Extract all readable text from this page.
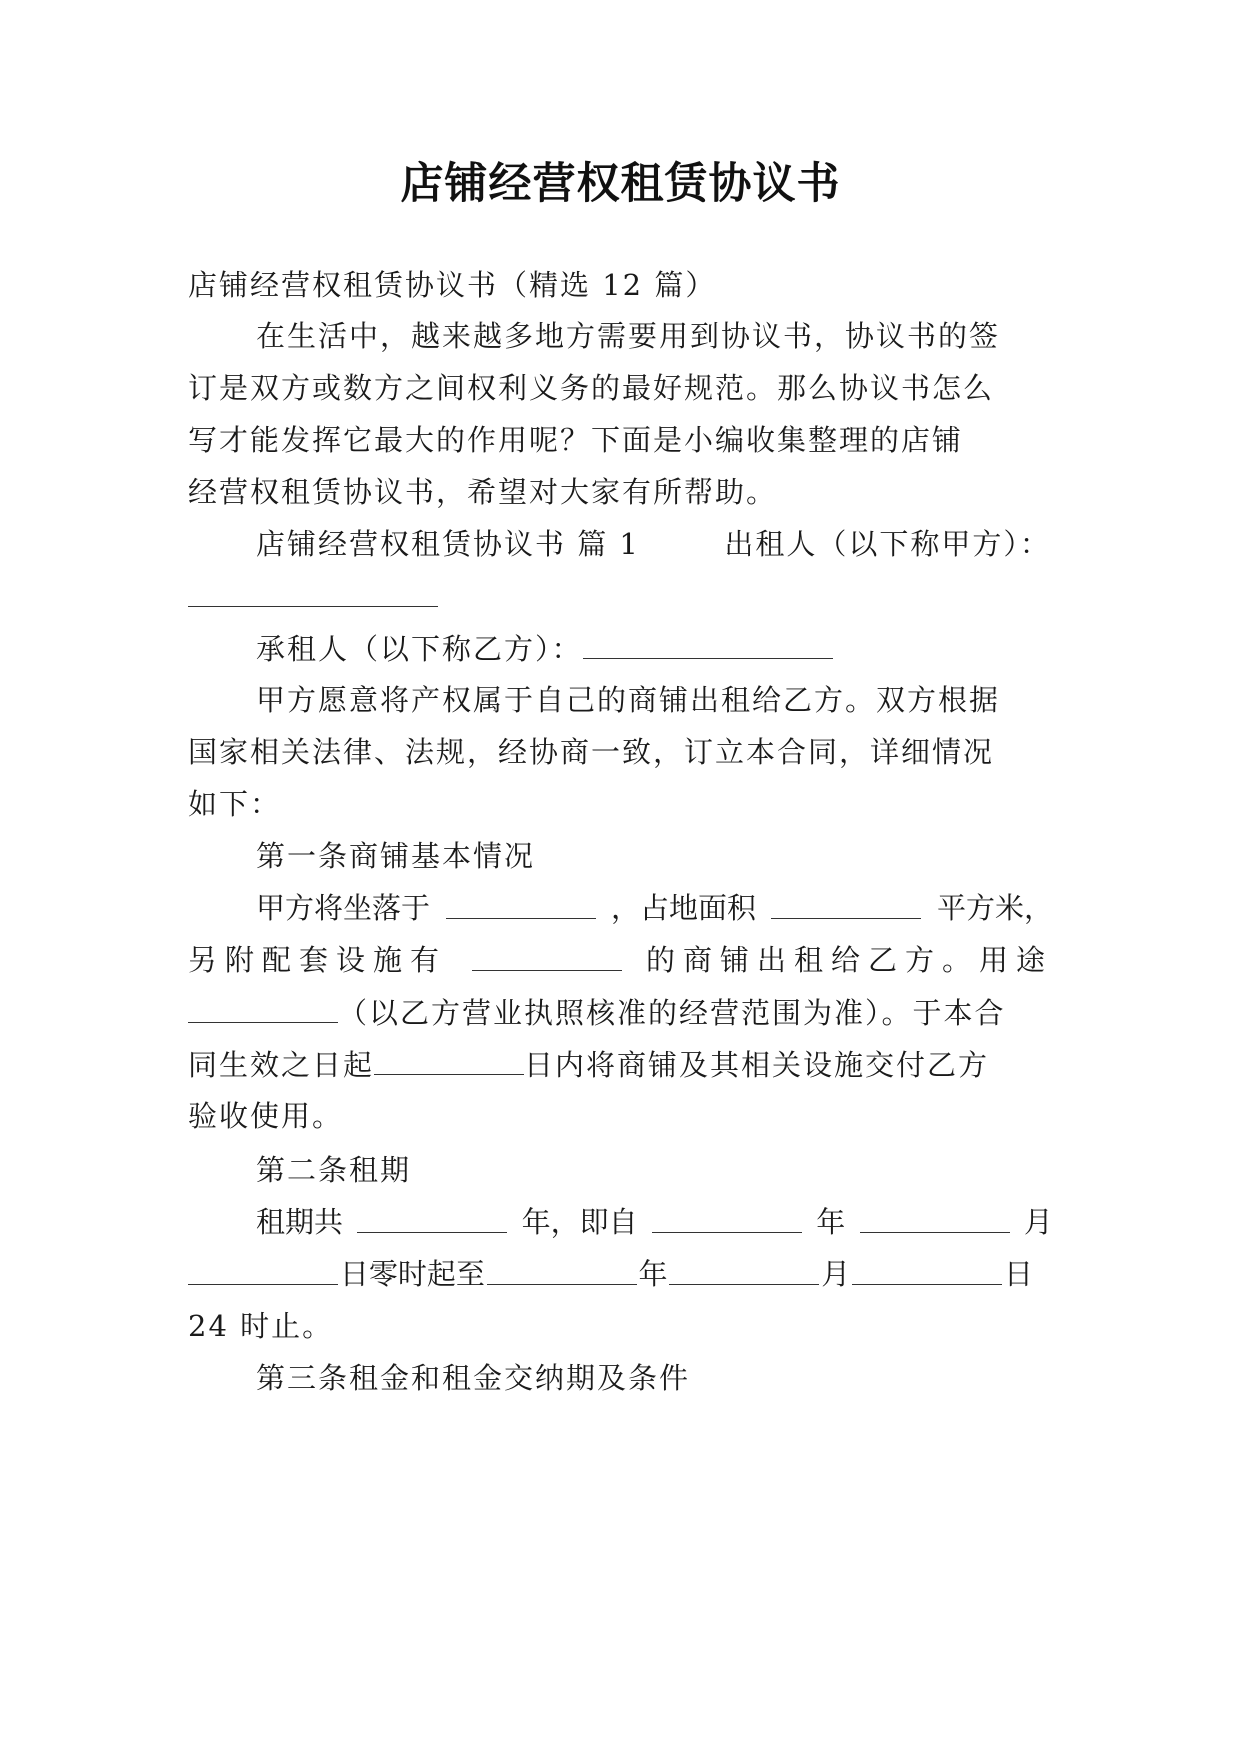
店铺经营权租赁协议书
店铺经营权租赁协议书（精选 12 篇）
在生活中，越来越多地方需要用到协议书，协议书的签
订是双方或数方之间权利义务的最好规范。那么协议书怎么
写才能发挥它最大的作用呢？下面是小编收集整理的店铺
经营权租赁协议书，希望对大家有所帮助。
店铺经营权租赁协议书 篇 1	出租人（以下称甲方）：
承租人（以下称乙方）：
甲方愿意将产权属于自己的商铺出租给乙方。双方根据
国家相关法律、法规，经协商一致，订立本合同，详细情况
如下：
第一条商铺基本情况
甲方将坐落于	，占地面积	平方米，
另附配套设施有	的商铺出租给乙方。用途
（以乙方营业执照核准的经营范围为准）。于本合
同生效之日起	日内将商铺及其相关设施交付乙方
验收使用。
第二条租期
租期共	年，即自	年	月
日零时起至	年	月	日
24 时止。
第三条租金和租金交纳期及条件
